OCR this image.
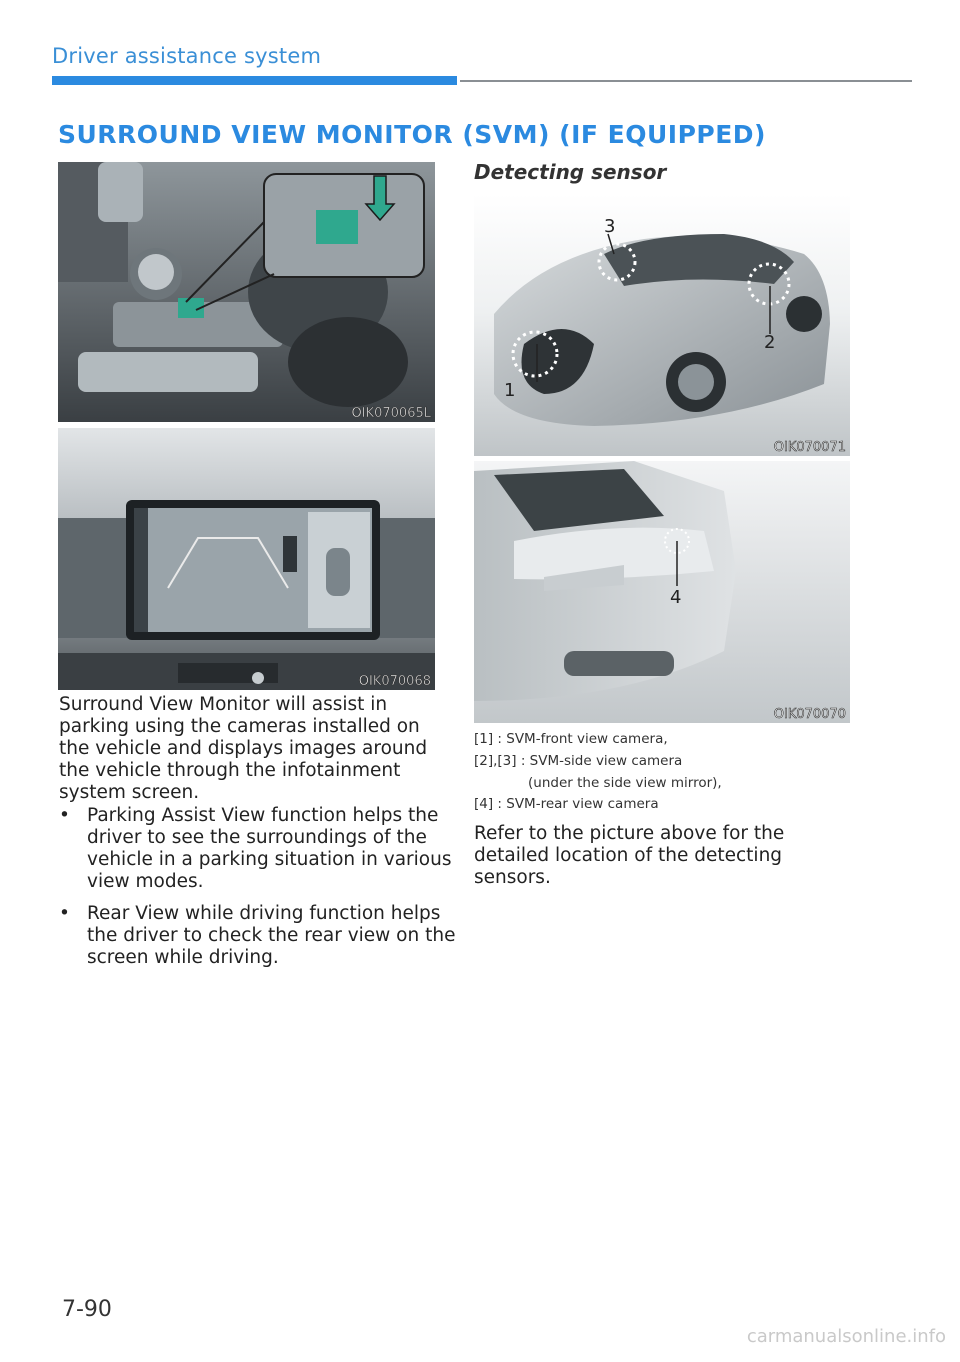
Driver assistance system
SURROUND VIEW MONITOR (SVM) (IF EQUIPPED)
OIK070065L
OIK070068
Surround View Monitor will assist in parking using the cameras installed on the vehicle and displays images around the vehicle through the infotainment system screen.
• Parking Assist View function helps the driver to see the surroundings of the vehicle in a parking situation in various view modes.
• Rear View while driving function helps the driver to check the rear view on the screen while driving.
Detecting sensor
1
2
3
OIK070071
4
OIK070070
[1] : SVM-front view camera,
[2],[3] : SVM-side view camera
(under the side view mirror),
[4] : SVM-rear view camera
Refer to the picture above for the detailed location of the detecting sensors.
7-90
carmanualsonline.info
